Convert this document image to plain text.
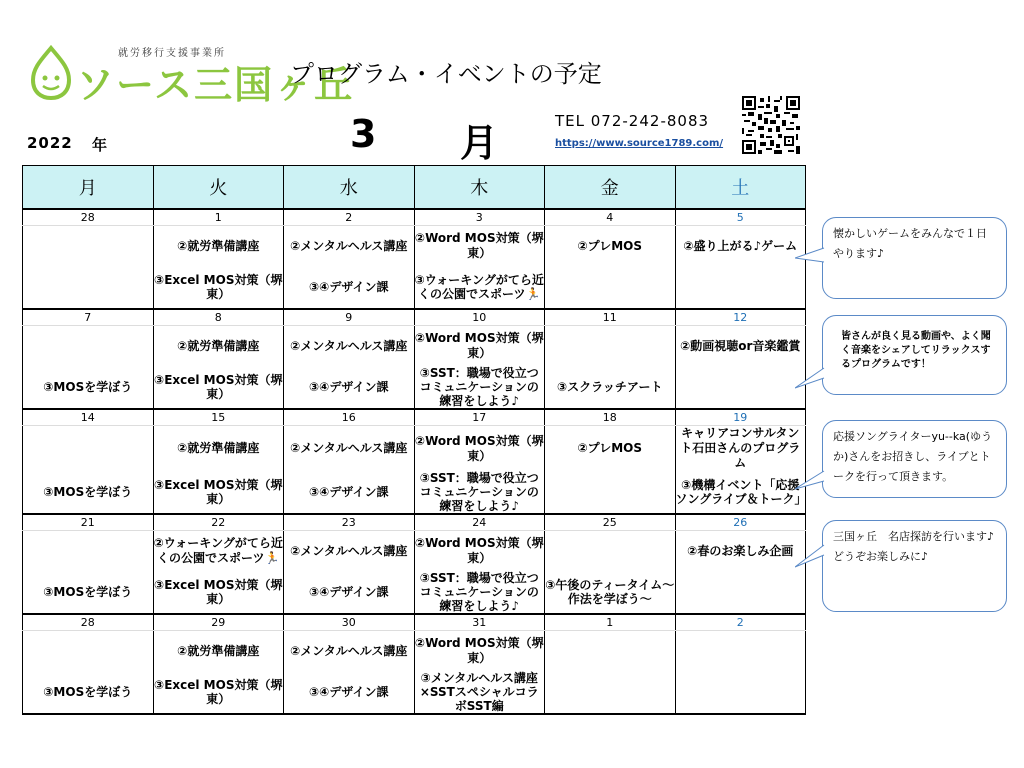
就労移行支援事業所
ソース三国ヶ丘
プログラム・イベントの予定
2022 年	3 月	TEL 072-242-8083
https://www.source1789.com/
月	火	水	木	金	土
28	1	2	3	4	5
	②就労準備講座	②メンタルヘルス講座	②Word MOS対策（堺東）	②プレMOS	②盛り上がる♪ゲーム
	③Excel MOS対策（堺東）	③④デザイン課	③ウォーキングがてら近くの公園でスポーツ🏃		
7	8	9	10	11	12
	②就労準備講座	②メンタルヘルス講座	②Word MOS対策（堺東）		②動画視聴or音楽鑑賞
③MOSを学ぼう	③Excel MOS対策（堺東）	③④デザイン課	③SST：職場で役立つコミュニケーションの練習をしよう♪	③スクラッチアート	
14	15	16	17	18	19
	②就労準備講座	②メンタルヘルス講座	②Word MOS対策（堺東）	②プレMOS	キャリアコンサルタント石田さんのプログラム
③MOSを学ぼう	③Excel MOS対策（堺東）	③④デザイン課	③SST：職場で役立つコミュニケーションの練習をしよう♪		③機構イベント「応援ソングライブ＆トーク」
21	22	23	24	25	26
	②ウォーキングがてら近くの公園でスポーツ🏃	②メンタルヘルス講座	②Word MOS対策（堺東）		②春のお楽しみ企画
③MOSを学ぼう	③Excel MOS対策（堺東）	③④デザイン課	③SST：職場で役立つコミュニケーションの練習をしよう♪	③午後のティータイム～作法を学ぼう～	
28	29	30	31	1	2
	②就労準備講座	②メンタルヘルス講座	②Word MOS対策（堺東）		
③MOSを学ぼう	③Excel MOS対策（堺東）	③④デザイン課	③メンタルヘルス講座×SSTスペシャルコラボSST編		
懐かしいゲームをみんなで１日やります♪
皆さんが良く見る動画や、よく聞く音楽をシェアしてリラックスするプログラムです！
応援ソングライターyu--ka(ゆうか)さんをお招きし、ライブとトークを行って頂きます。
三国ヶ丘　名店探訪を行います♪どうぞお楽しみに♪
